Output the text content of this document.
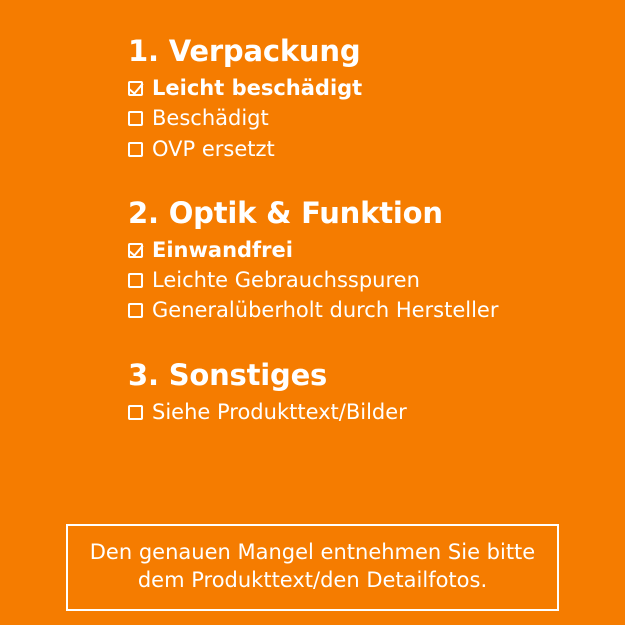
1. Verpackung
Leicht beschädigt
Beschädigt
OVP ersetzt
2. Optik & Funktion
Einwandfrei
Leichte Gebrauchsspuren
Generalüberholt durch Hersteller
3. Sonstiges
Siehe Produkttext/Bilder
Den genauen Mangel entnehmen Sie bitte
dem Produkttext/den Detailfotos.
